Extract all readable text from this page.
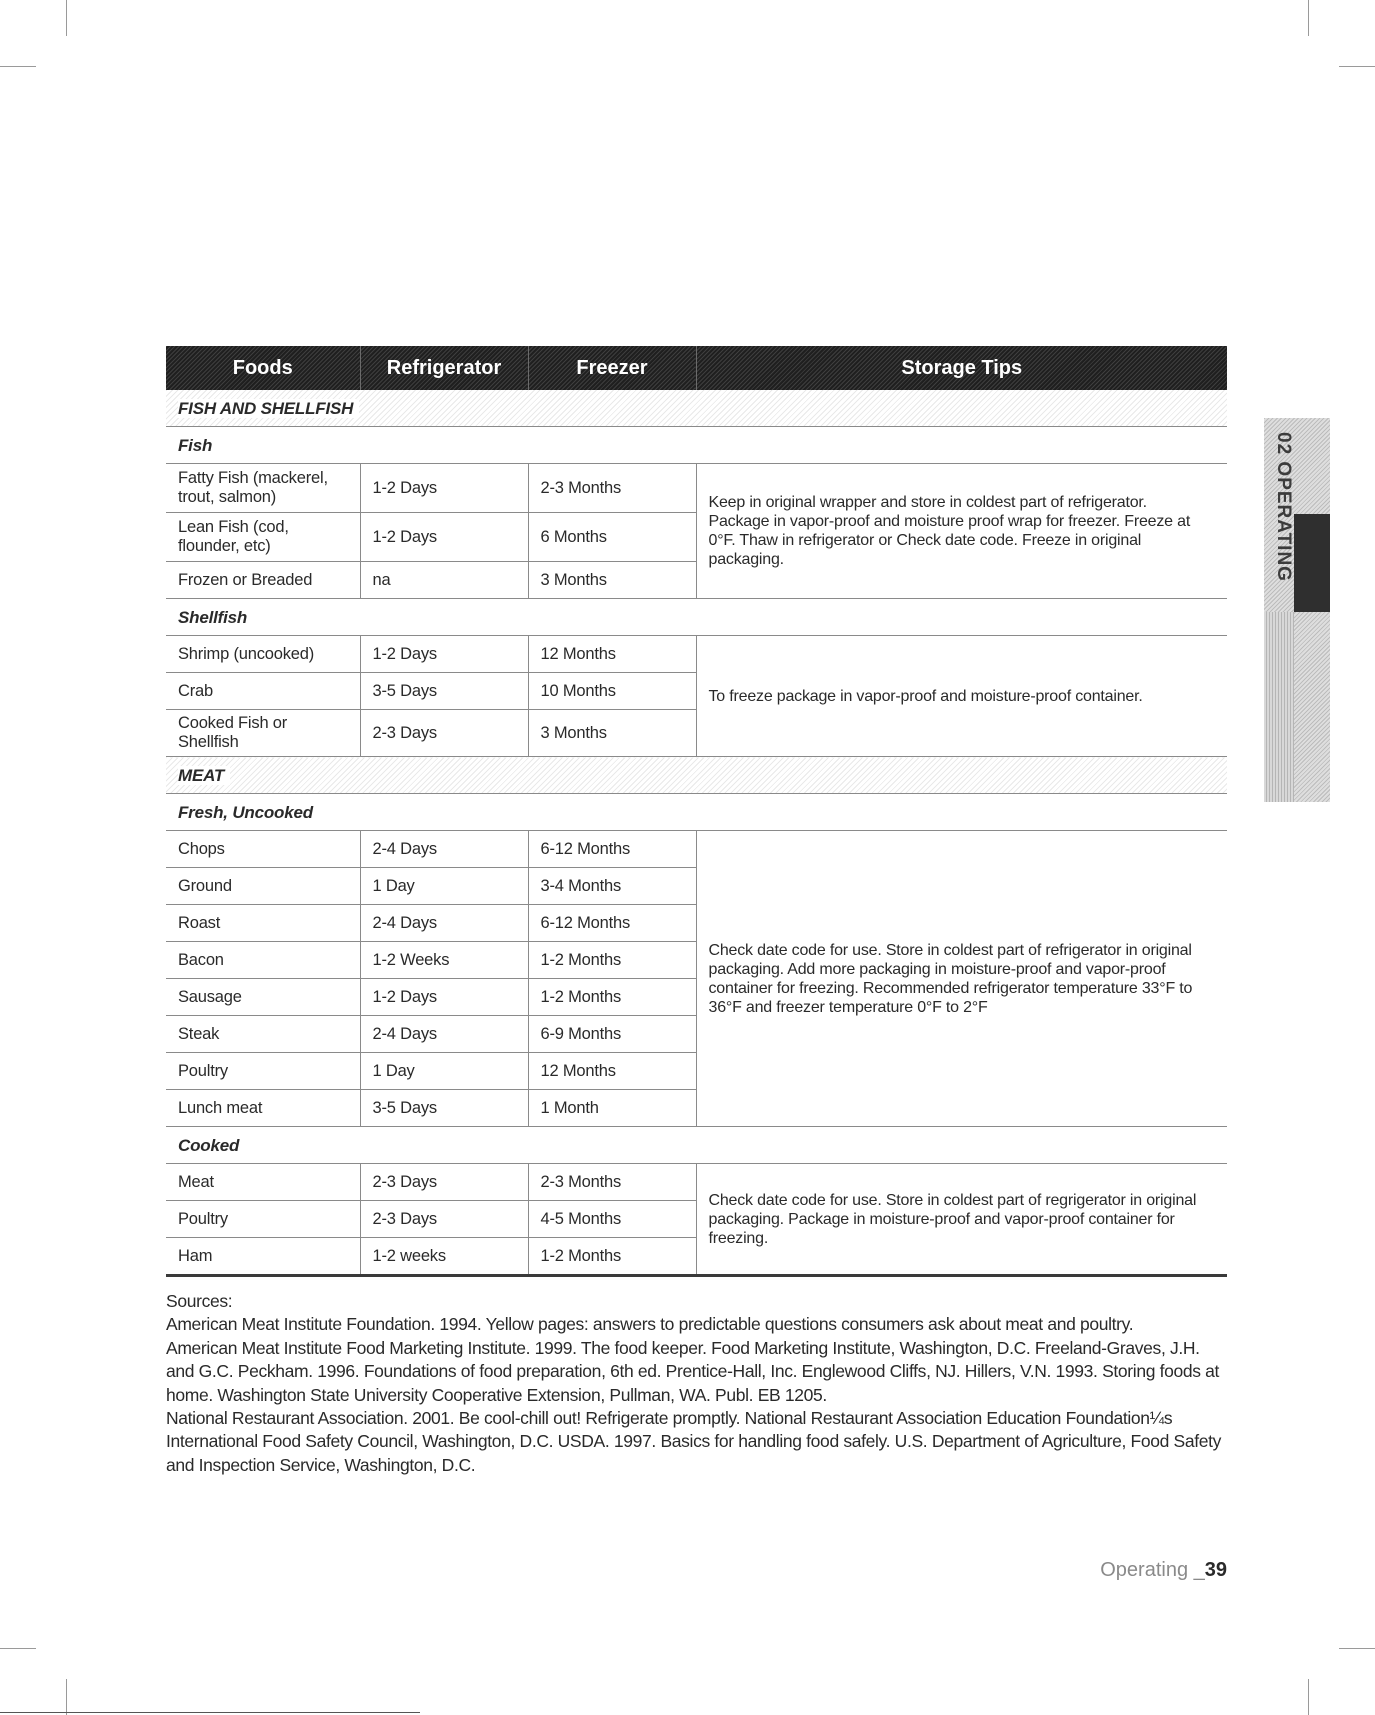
02 OPERATING
Foods	Refrigerator	Freezer	Storage Tips
FISH AND SHELLFISH			
Fish			
Fatty Fish (mackerel, trout, salmon)	1-2 Days	2-3 Months	Keep in original wrapper and store in coldest part of refrigerator. Package in vapor-proof and moisture proof wrap for freezer. Freeze at 0°F. Thaw in refrigerator or Check date code. Freeze in original packaging.
Lean Fish (cod, flounder, etc)	1-2 Days	6 Months	
Frozen or Breaded	na	3 Months	
Shellfish			
Shrimp (uncooked)	1-2 Days	12 Months	To freeze package in vapor-proof and moisture-proof container.
Crab	3-5 Days	10 Months	
Cooked Fish or Shellfish	2-3 Days	3 Months	
MEAT			
Fresh, Uncooked			
Chops	2-4 Days	6-12 Months	Check date code for use. Store in coldest part of refrigerator in original packaging. Add more packaging in moisture-proof and vapor-proof container for freezing. Recommended refrigerator temperature 33°F to 36°F and freezer temperature 0°F to 2°F
Ground	1 Day	3-4 Months	
Roast	2-4 Days	6-12 Months	
Bacon	1-2 Weeks	1-2 Months	
Sausage	1-2 Days	1-2 Months	
Steak	2-4 Days	6-9 Months	
Poultry	1 Day	12 Months	
Lunch meat	3-5 Days	1 Month	
Cooked			
Meat	2-3 Days	2-3 Months	Check date code for use. Store in coldest part of regrigerator in original packaging. Package in moisture-proof and vapor-proof container for freezing.
Poultry	2-3 Days	4-5 Months	
Ham	1-2 weeks	1-2 Months	

Sources:

American Meat Institute Foundation. 1994. Yellow pages: answers to predictable questions consumers ask about meat and poultry.

American Meat Institute Food Marketing Institute. 1999. The food keeper. Food Marketing Institute, Washington, D.C. Freeland-Graves, J.H. and G.C. Peckham. 1996. Foundations of food preparation, 6th ed. Prentice-Hall, Inc. Englewood Cliffs, NJ. Hillers, V.N. 1993. Storing foods at home. Washington State University Cooperative Extension, Pullman, WA. Publ. EB 1205.

National Restaurant Association. 2001. Be cool-chill out! Refrigerate promptly. National Restaurant Association Education Foundation¼s International Food Safety Council, Washington, D.C. USDA. 1997. Basics for handling food safely. U.S. Department of Agriculture, Food Safety and Inspection Service, Washington, D.C.

Operating _39
